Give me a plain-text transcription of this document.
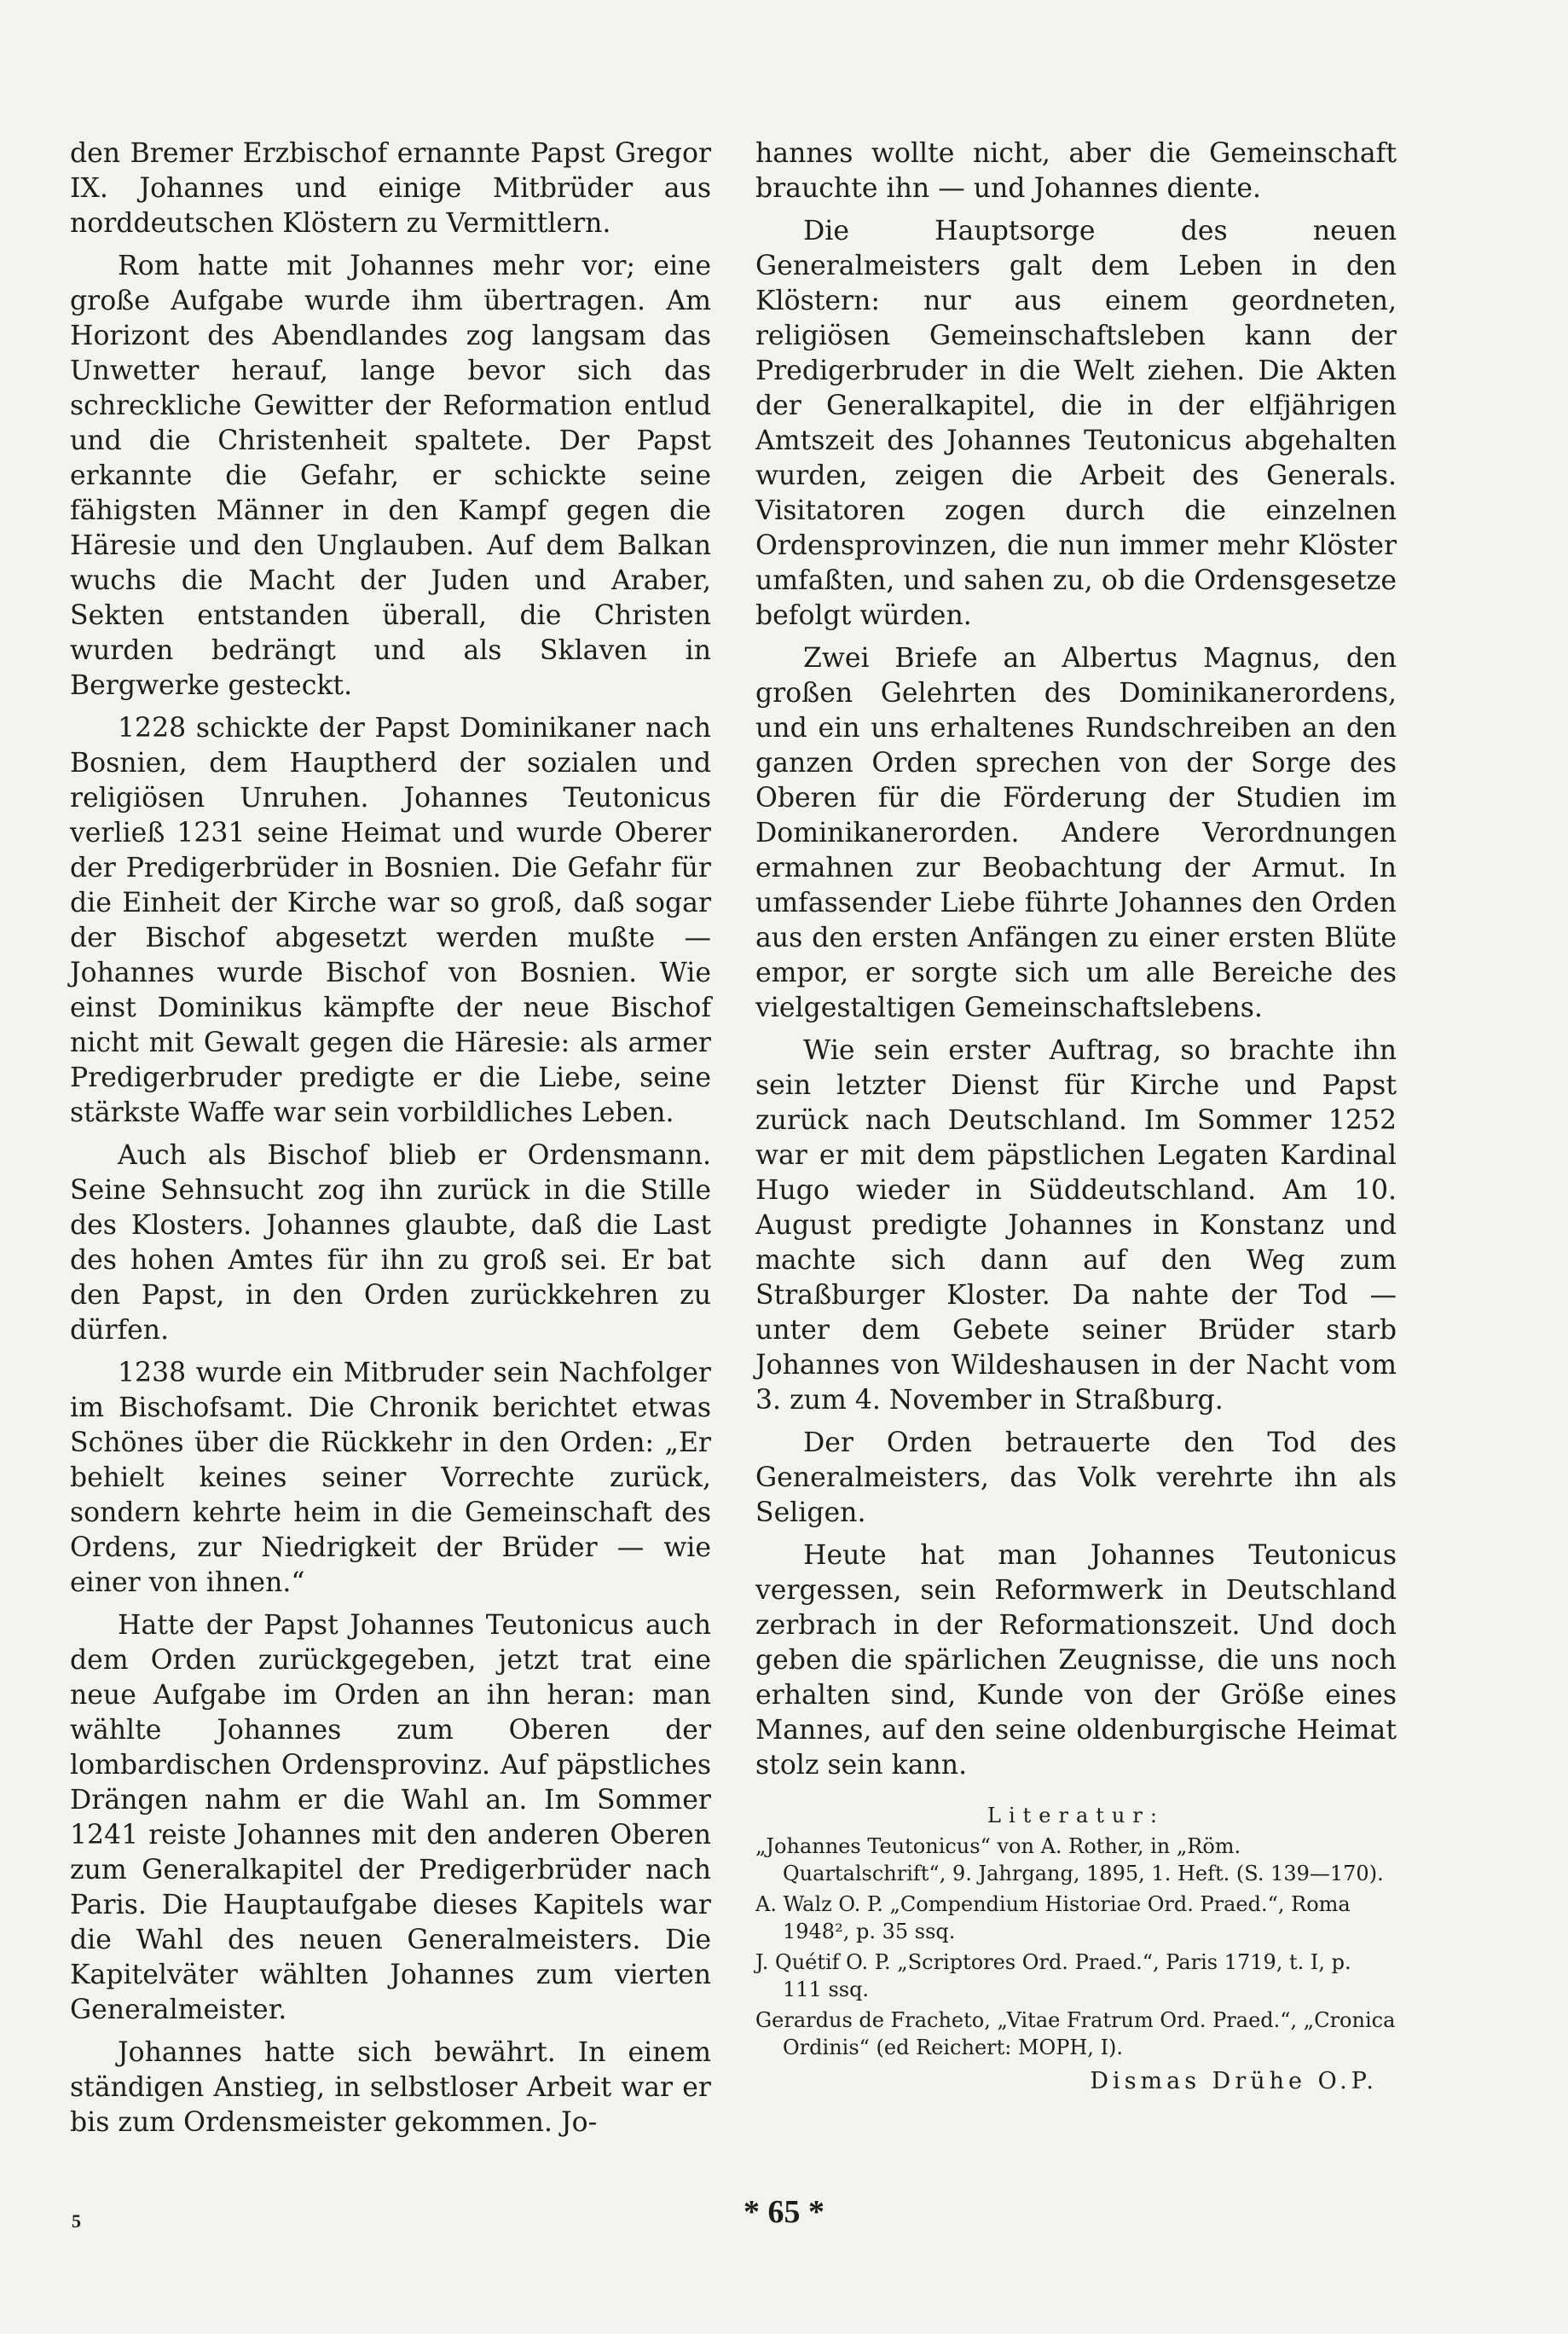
den Bremer Erzbischof ernannte Papst Gregor IX. Johannes und einige Mitbrüder aus norddeutschen Klöstern zu Vermittlern.

Rom hatte mit Johannes mehr vor; eine große Aufgabe wurde ihm übertragen. Am Horizont des Abendlandes zog langsam das Unwetter herauf, lange bevor sich das schreckliche Gewitter der Reformation entlud und die Christenheit spaltete. Der Papst erkannte die Gefahr, er schickte seine fähigsten Männer in den Kampf gegen die Häresie und den Unglauben. Auf dem Balkan wuchs die Macht der Juden und Araber, Sekten entstanden überall, die Christen wurden bedrängt und als Sklaven in Bergwerke gesteckt.

1228 schickte der Papst Dominikaner nach Bosnien, dem Hauptherd der sozialen und religiösen Unruhen. Johannes Teutonicus verließ 1231 seine Heimat und wurde Oberer der Predigerbrüder in Bosnien. Die Gefahr für die Einheit der Kirche war so groß, daß sogar der Bischof abgesetzt werden mußte — Johannes wurde Bischof von Bosnien. Wie einst Dominikus kämpfte der neue Bischof nicht mit Gewalt gegen die Häresie: als armer Predigerbruder predigte er die Liebe, seine stärkste Waffe war sein vorbildliches Leben.

Auch als Bischof blieb er Ordensmann. Seine Sehnsucht zog ihn zurück in die Stille des Klosters. Johannes glaubte, daß die Last des hohen Amtes für ihn zu groß sei. Er bat den Papst, in den Orden zurückkehren zu dürfen.

1238 wurde ein Mitbruder sein Nachfolger im Bischofsamt. Die Chronik berichtet etwas Schönes über die Rückkehr in den Orden: „Er behielt keines seiner Vorrechte zurück, sondern kehrte heim in die Gemeinschaft des Ordens, zur Niedrigkeit der Brüder — wie einer von ihnen.“

Hatte der Papst Johannes Teutonicus auch dem Orden zurückgegeben, jetzt trat eine neue Aufgabe im Orden an ihn heran: man wählte Johannes zum Oberen der lombardischen Ordensprovinz. Auf päpstliches Drängen nahm er die Wahl an. Im Sommer 1241 reiste Johannes mit den anderen Oberen zum Generalkapitel der Predigerbrüder nach Paris. Die Hauptaufgabe dieses Kapitels war die Wahl des neuen Generalmeisters. Die Kapitelväter wählten Johannes zum vierten Generalmeister.

Johannes hatte sich bewährt. In einem ständigen Anstieg, in selbstloser Arbeit war er bis zum Ordensmeister gekommen. Jo-

hannes wollte nicht, aber die Gemeinschaft brauchte ihn — und Johannes diente.

Die Hauptsorge des neuen Generalmeisters galt dem Leben in den Klöstern: nur aus einem geordneten, religiösen Gemeinschaftsleben kann der Predigerbruder in die Welt ziehen. Die Akten der Generalkapitel, die in der elfjährigen Amtszeit des Johannes Teutonicus abgehalten wurden, zeigen die Arbeit des Generals. Visitatoren zogen durch die einzelnen Ordensprovinzen, die nun immer mehr Klöster umfaßten, und sahen zu, ob die Ordensgesetze befolgt würden.

Zwei Briefe an Albertus Magnus, den großen Gelehrten des Dominikanerordens, und ein uns erhaltenes Rundschreiben an den ganzen Orden sprechen von der Sorge des Oberen für die Förderung der Studien im Dominikanerorden. Andere Verordnungen ermahnen zur Beobachtung der Armut. In umfassender Liebe führte Johannes den Orden aus den ersten Anfängen zu einer ersten Blüte empor, er sorgte sich um alle Bereiche des vielgestaltigen Gemeinschaftslebens.

Wie sein erster Auftrag, so brachte ihn sein letzter Dienst für Kirche und Papst zurück nach Deutschland. Im Sommer 1252 war er mit dem päpstlichen Legaten Kardinal Hugo wieder in Süddeutschland. Am 10. August predigte Johannes in Konstanz und machte sich dann auf den Weg zum Straßburger Kloster. Da nahte der Tod — unter dem Gebete seiner Brüder starb Johannes von Wildeshausen in der Nacht vom 3. zum 4. November in Straßburg.

Der Orden betrauerte den Tod des Generalmeisters, das Volk verehrte ihn als Seligen.

Heute hat man Johannes Teutonicus vergessen, sein Reformwerk in Deutschland zerbrach in der Reformationszeit. Und doch geben die spärlichen Zeugnisse, die uns noch erhalten sind, Kunde von der Größe eines Mannes, auf den seine oldenburgische Heimat stolz sein kann.

Literatur:
„Johannes Teutonicus“ von A. Rother, in „Röm. Quartalschrift“, 9. Jahrgang, 1895, 1. Heft. (S. 139—170).
A. Walz O. P. „Compendium Historiae Ord. Praed.“, Roma 1948², p. 35 ssq.
J. Quétif O. P. „Scriptores Ord. Praed.“, Paris 1719, t. I, p. 111 ssq.
Gerardus de Fracheto, „Vitae Fratrum Ord. Praed.“, „Cronica Ordinis“ (ed Reichert: MOPH, I).
Dismas Drühe O.P.
5	* 65 *
